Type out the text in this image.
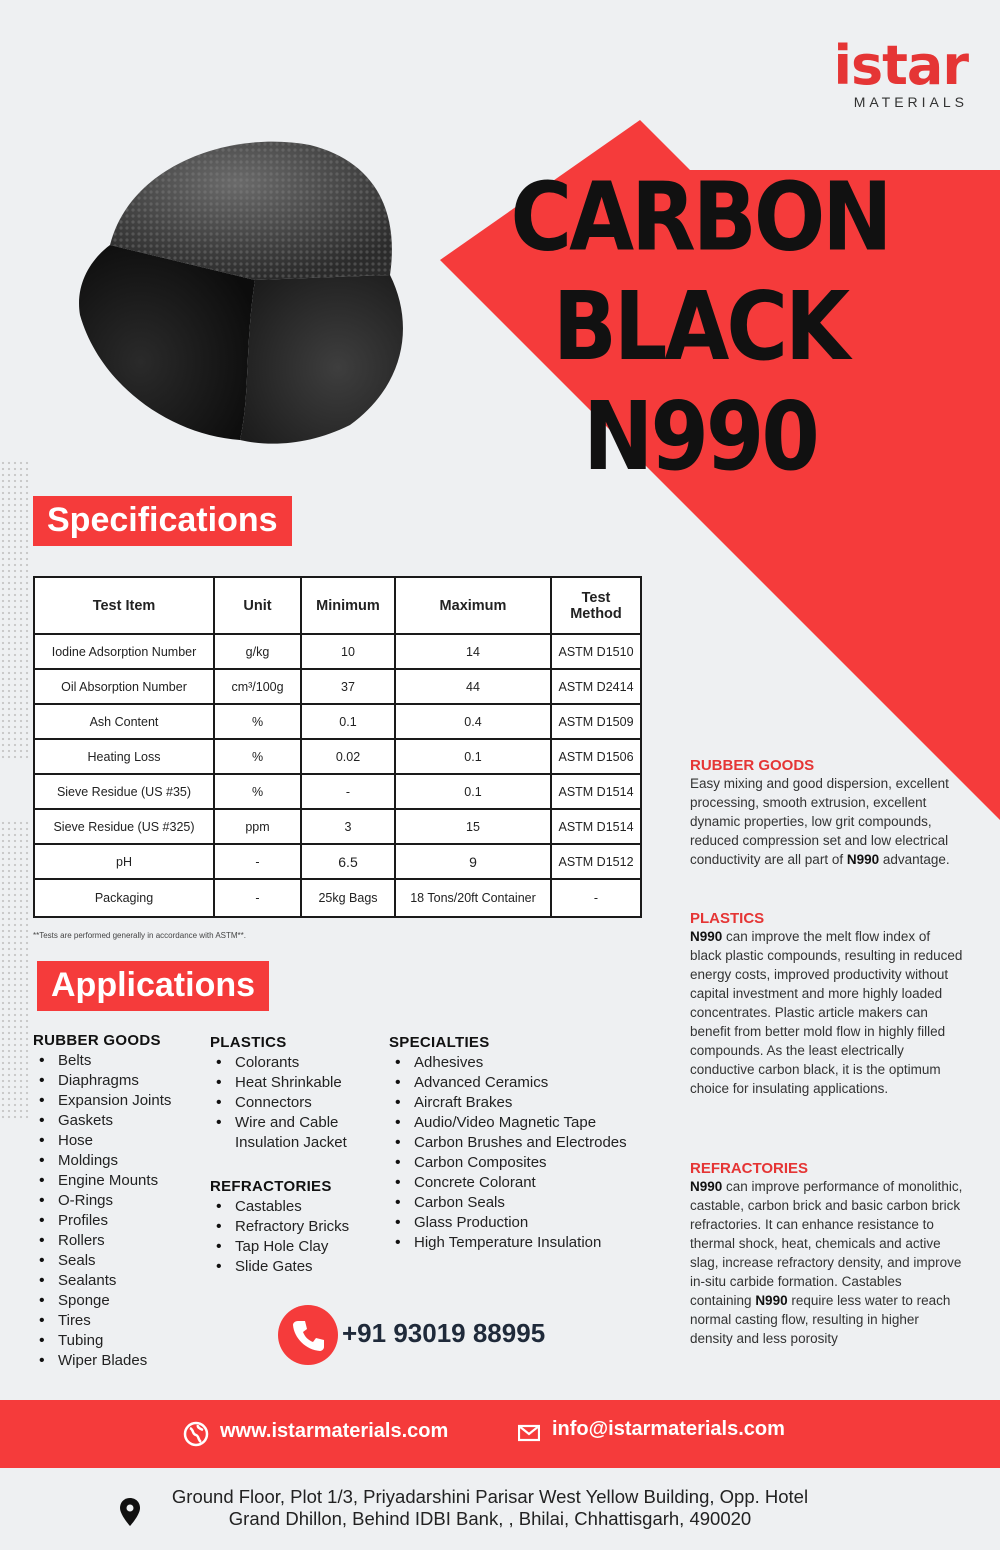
istar
MATERIALS
CARBON BLACK
N990
Specifications
Test Item	Unit	Minimum	Maximum	Test Method
Iodine Adsorption Number	g/kg	10	14	ASTM D1510
Oil Absorption Number	cm³/100g	37	44	ASTM D2414
Ash Content	%	0.1	0.4	ASTM D1509
Heating Loss	%	0.02	0.1	ASTM D1506
Sieve Residue (US #35)	%	-	0.1	ASTM D1514
Sieve Residue (US #325)	ppm	3	15	ASTM D1514
pH	-	6.5	9	ASTM D1512
Packaging	-	25kg Bags	18 Tons/20ft Container	-
**Tests are performed generally in accordance with ASTM**.
Applications
RUBBER GOODS
• Belts
• Diaphragms
• Expansion Joints
• Gaskets
• Hose
• Moldings
• Engine Mounts
• O-Rings
• Profiles
• Rollers
• Seals
• Sealants
• Sponge
• Tires
• Tubing
• Wiper Blades
PLASTICS
• Colorants
• Heat Shrinkable
• Connectors
• Wire and Cable Insulation Jacket
REFRACTORIES
• Castables
• Refractory Bricks
• Tap Hole Clay
• Slide Gates
SPECIALTIES
• Adhesives
• Advanced Ceramics
• Aircraft Brakes
• Audio/Video Magnetic Tape
• Carbon Brushes and Electrodes
• Carbon Composites
• Concrete Colorant
• Carbon Seals
• Glass Production
• High Temperature Insulation
+91 93019 88995
RUBBER GOODS
Easy mixing and good dispersion, excellent processing, smooth extrusion, excellent dynamic properties, low grit compounds, reduced compression set and low electrical conductivity are all part of N990 advantage.
PLASTICS
N990 can improve the melt flow index of black plastic compounds, resulting in reduced energy costs, improved productivity without capital investment and more highly loaded concentrates. Plastic article makers can benefit from better mold flow in highly filled compounds. As the least electrically conductive carbon black, it is the optimum choice for insulating applications.
REFRACTORIES
N990 can improve performance of monolithic, castable, carbon brick and basic carbon brick refractories. It can enhance resistance to thermal shock, heat, chemicals and active slag, increase refractory density, and improve in-situ carbide formation. Castables containing N990 require less water to reach normal casting flow, resulting in higher density and less porosity
www.istarmaterials.com	info@istarmaterials.com
Ground Floor, Plot 1/3, Priyadarshini Parisar West Yellow Building, Opp. Hotel
Grand Dhillon, Behind IDBI Bank, , Bhilai, Chhattisgarh, 490020
